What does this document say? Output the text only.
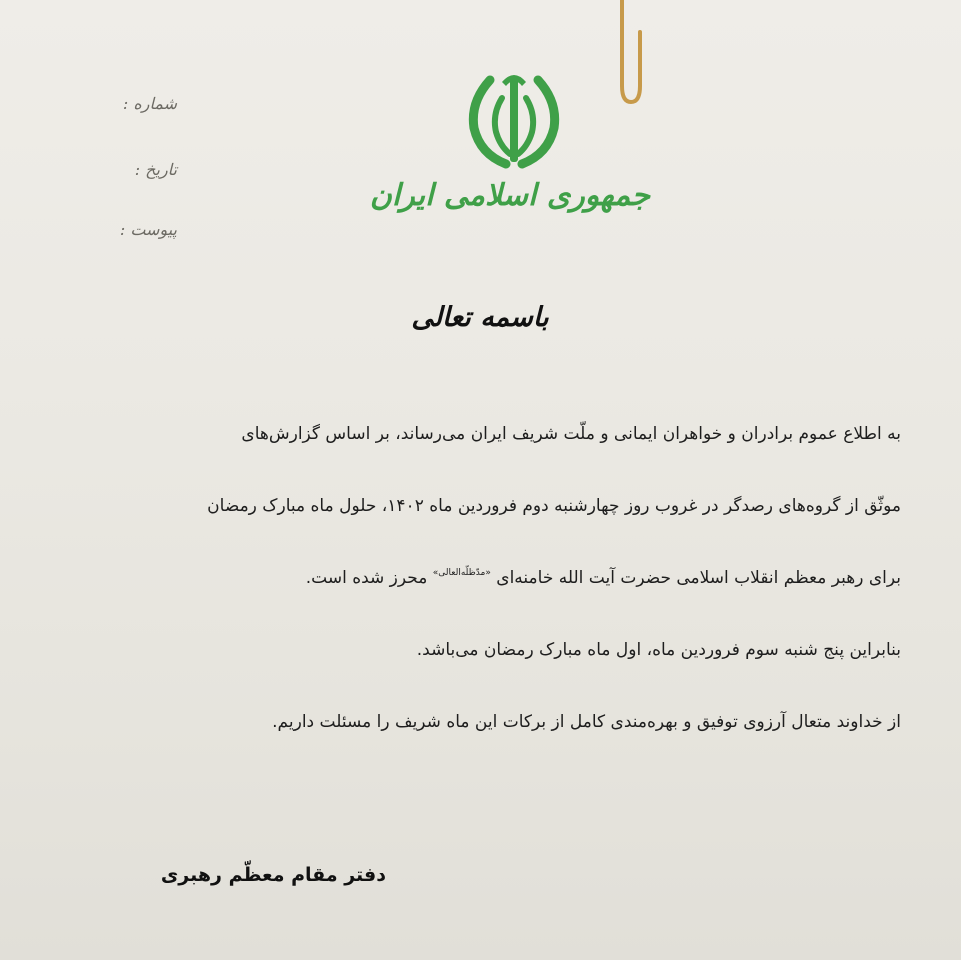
جمهوری اسلامی ایران
شماره :
تاریخ :
پیوست :
باسمه تعالی
به اطلاع عموم برادران و خواهران ایمانی و ملّت شریف ایران می‌رساند، بر اساس گزارش‌های
موثّق از گروه‌های رصدگر در غروب روز چهارشنبه دوم فروردین ماه ۱۴۰۲، حلول ماه مبارک رمضان
برای رهبر معظم انقلاب اسلامی حضرت آیت الله خامنه‌ای $^{«مدّظلّه‌العالی»}$ محرز شده است.
بنابراین پنج شنبه سوم فروردین ماه، اول ماه مبارک رمضان می‌باشد.
از خداوند متعال آرزوی توفیق و بهره‌مندی کامل از برکات این ماه شریف را مسئلت داریم.
دفتر مقام معظّم رهبری
